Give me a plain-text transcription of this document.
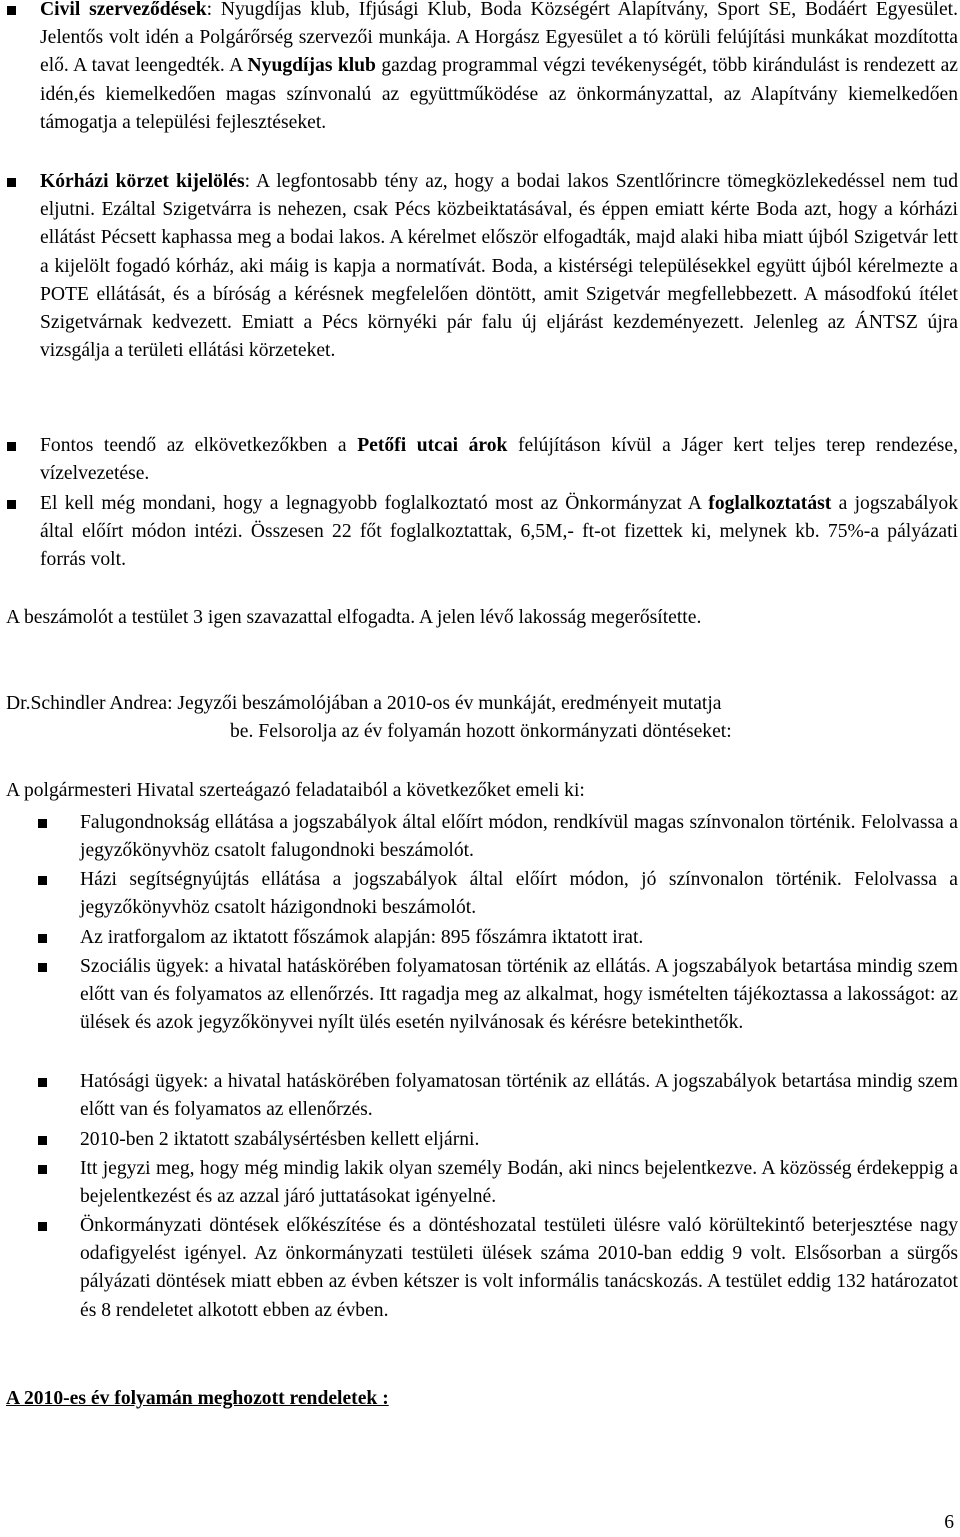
Civil szerveződések: Nyugdíjas klub, Ifjúsági Klub, Boda Községért Alapítvány, Sport SE, Bodáért Egyesület. Jelentős volt idén a Polgárőrség szervezői munkája. A Horgász Egyesület a tó körüli felújítási munkákat mozdította elő. A tavat leengedték. A Nyugdíjas klub gazdag programmal végzi tevékenységét, több kirándulást is rendezett az idén,és kiemelkedően magas színvonalú az együttműködése az önkormányzattal, az Alapítvány kiemelkedően támogatja a települési fejlesztéseket.
Kórházi körzet kijelölés: A legfontosabb tény az, hogy a bodai lakos Szentlőrincre tömegközlekedéssel nem tud eljutni. Ezáltal Szigetvárra is nehezen, csak Pécs közbeiktatásával, és éppen emiatt kérte Boda azt, hogy a kórházi ellátást Pécsett kaphassa meg a bodai lakos. A kérelmet először elfogadták, majd alaki hiba miatt újból Szigetvár lett a kijelölt fogadó kórház, aki máig is kapja a normatívát. Boda, a kistérségi településekkel együtt újból kérelmezte a POTE ellátását, és a bíróság a kérésnek megfelelően döntött, amit Szigetvár megfellebbezett. A másodfokú ítélet Szigetvárnak kedvezett. Emiatt a Pécs környéki pár falu új eljárást kezdeményezett. Jelenleg az ÁNTSZ újra vizsgálja a területi ellátási körzeteket.
Fontos teendő az elkövetkezőkben a Petőfi utcai árok felújításon kívül a Jáger kert teljes terep rendezése, vízelvezetése.
El kell még mondani, hogy a legnagyobb foglalkoztató most az Önkormányzat A foglalkoztatást a jogszabályok által előírt módon intézi. Összesen 22 főt foglalkoztattak, 6,5M,- ft-ot fizettek ki, melynek kb. 75%-a pályázati forrás volt.
A beszámolót a testület 3 igen szavazattal elfogadta. A jelen lévő lakosság megerősítette.
Dr.Schindler Andrea: Jegyzői beszámolójában a 2010-os év munkáját, eredményeit mutatja
be. Felsorolja az év folyamán hozott önkormányzati döntéseket:
A polgármesteri Hivatal szerteágazó feladataiból a következőket emeli ki:
Falugondnokság ellátása a jogszabályok által előírt módon, rendkívül magas színvonalon történik. Felolvassa a jegyzőkönyvhöz csatolt falugondnoki beszámolót.
Házi segítségnyújtás ellátása a jogszabályok által előírt módon, jó színvonalon történik. Felolvassa a jegyzőkönyvhöz csatolt házigondnoki beszámolót.
Az iratforgalom az iktatott főszámok alapján: 895 főszámra iktatott irat.
Szociális ügyek: a hivatal hatáskörében folyamatosan történik az ellátás. A jogszabályok betartása mindig szem előtt van és folyamatos az ellenőrzés. Itt ragadja meg az alkalmat, hogy ismételten tájékoztassa a lakosságot: az ülések és azok jegyzőkönyvei nyílt ülés esetén nyilvánosak és kérésre betekinthetők.
Hatósági ügyek: a hivatal hatáskörében folyamatosan történik az ellátás. A jogszabályok betartása mindig szem előtt van és folyamatos az ellenőrzés.
2010-ben 2 iktatott szabálysértésben kellett eljárni.
Itt jegyzi meg, hogy még mindig lakik olyan személy Bodán, aki nincs bejelentkezve. A közösség érdekeppig a bejelentkezést és az azzal járó juttatásokat igényelné.
Önkormányzati döntések előkészítése és a döntéshozatal testületi ülésre való körültekintő beterjesztése nagy odafigyelést igényel. Az önkormányzati testületi ülések száma 2010-ban eddig 9 volt. Elsősorban a sürgős pályázati döntések miatt ebben az évben kétszer is volt informális tanácskozás. A testület eddig 132 határozatot és 8 rendeletet alkotott ebben az évben.
A 2010-es év folyamán meghozott rendeletek :
6
